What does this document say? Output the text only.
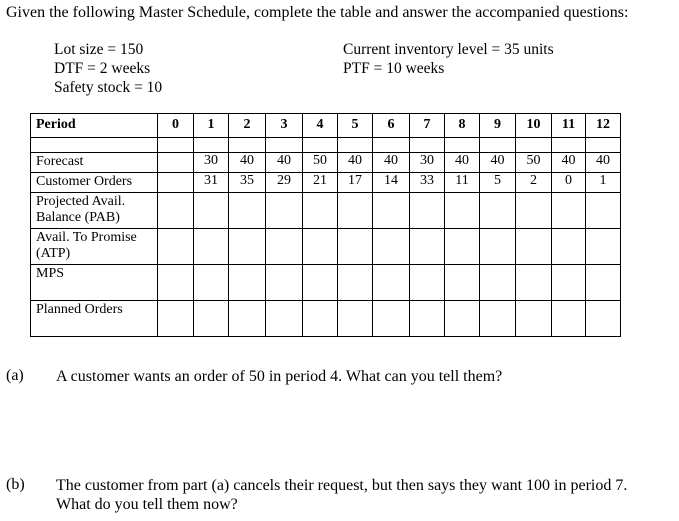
Given the following Master Schedule, complete the table and answer the accompanied questions:
Lot size = 150
DTF = 2 weeks
Safety stock = 10
Current inventory level = 35 units
PTF = 10 weeks
Period	0	1	2	3	4	5	6	7	8	9	10	11	12

Forecast		30	40	40	50	40	40	30	40	40	50	40	40
Customer Orders		31	35	29	21	17	14	33	11	5	2	0	1
Projected Avail. Balance (PAB)													
Avail. To Promise (ATP)													
MPS													
Planned Orders													
(a) A customer wants an order of 50 in period 4. What can you tell them?
(b) The customer from part (a) cancels their request, but then says they want 100 in period 7.
What do you tell them now?
